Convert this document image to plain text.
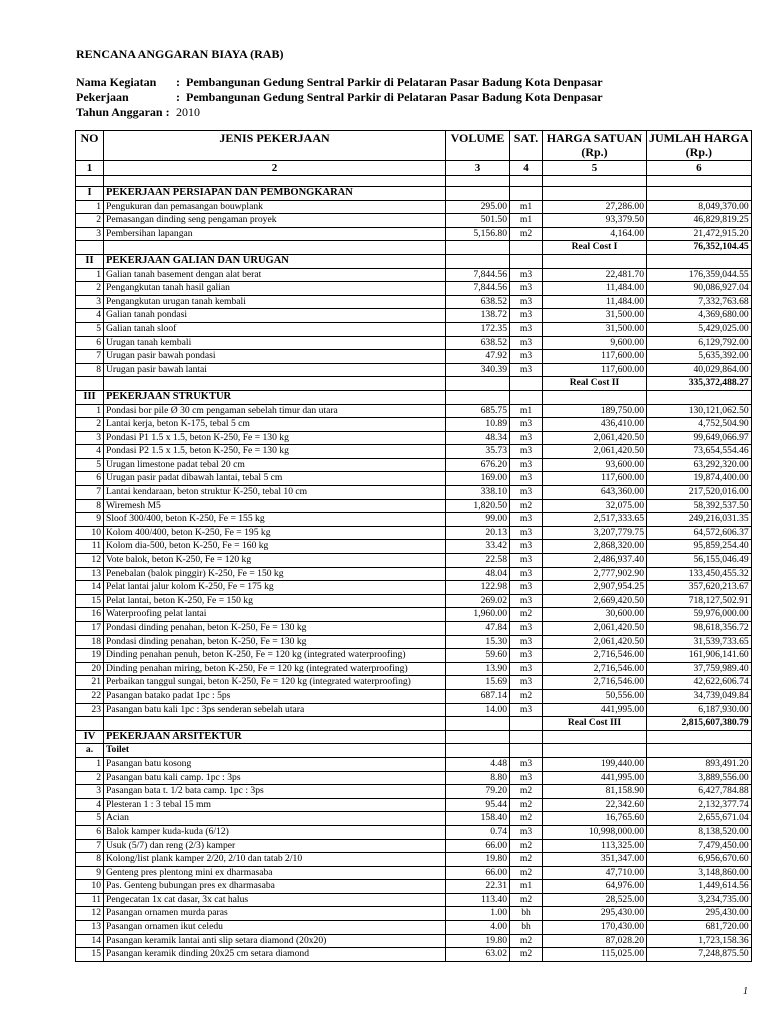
RENCANA ANGGARAN BIAYA (RAB)
Nama Kegiatan : Pembangunan Gedung Sentral Parkir di Pelataran Pasar Badung Kota Denpasar
Pekerjaan	: Pembangunan Gedung Sentral Parkir di Pelataran Pasar Badung Kota Denpasar
Tahun Anggaran : 2010
NO	JENIS PEKERJAAN	VOLUME	SAT.	HARGA SATUAN	JUMLAH HARGA
				(Rp.)	(Rp.)
1	2	3	4	5	6

I	PEKERJAAN PERSIAPAN DAN PEMBONGKARAN				
1	Pengukuran dan pemasangan bouwplank	295.00	m1	27,286.00	8,049,370.00
2	Pemasangan dinding seng pengaman proyek	501.50	m1	93,379.50	46,829,819.25
3	Pembersihan lapangan	5,156.80	m2	4,164.00	21,472,915.20
				Real Cost I	76,352,104.45
II	PEKERJAAN GALIAN DAN URUGAN				
1	Galian tanah basement dengan alat berat	7,844.56	m3	22,481.70	176,359,044.55
2	Pengangkutan tanah hasil galian	7,844.56	m3	11,484.00	90,086,927.04
3	Pengangkutan urugan tanah kembali	638.52	m3	11,484.00	7,332,763.68
4	Galian tanah pondasi	138.72	m3	31,500.00	4,369,680.00
5	Galian tanah sloof	172.35	m3	31,500.00	5,429,025.00
6	Urugan tanah kembali	638.52	m3	9,600.00	6,129,792.00
7	Urugan pasir bawah pondasi	47.92	m3	117,600.00	5,635,392.00
8	Urugan pasir bawah lantai	340.39	m3	117,600.00	40,029,864.00
				Real Cost II	335,372,488.27
III	PEKERJAAN STRUKTUR				
1	Pondasi bor pile Ø 30 cm pengaman sebelah timur dan utara	685.75	m1	189,750.00	130,121,062.50
2	Lantai kerja, beton K-175, tebal 5 cm	10.89	m3	436,410.00	4,752,504.90
3	Pondasi P1 1.5 x 1.5, beton K-250, Fe = 130 kg	48.34	m3	2,061,420.50	99,649,066.97
4	Pondasi P2 1.5 x 1.5, beton K-250, Fe = 130 kg	35.73	m3	2,061,420.50	73,654,554.46
5	Urugan limestone padat tebal 20 cm	676.20	m3	93,600.00	63,292,320.00
6	Urugan pasir padat dibawah lantai, tebal 5 cm	169.00	m3	117,600.00	19,874,400.00
7	Lantai kendaraan, beton struktur K-250, tebal 10 cm	338.10	m3	643,360.00	217,520,016.00
8	Wiremesh M5	1,820.50	m2	32,075.00	58,392,537.50
9	Sloof 300/400, beton K-250, Fe = 155 kg	99.00	m3	2,517,333.65	249,216,031.35
10	Kolom 400/400, beton K-250, Fe = 195 kg	20.13	m3	3,207,779.75	64,572,606.37
11	Kolom dia-500, beton K-250, Fe = 160 kg	33.42	m3	2,868,320.00	95,859,254.40
12	Vote balok, beton K-250, Fe = 120 kg	22.58	m3	2,486,937.40	56,155,046.49
13	Penebalan (balok pinggir) K-250, Fe = 150 kg	48.04	m3	2,777,902.90	133,450,455.32
14	Pelat lantai jalur kolom K-250, Fe = 175 kg	122.98	m3	2,907,954.25	357,620,213.67
15	Pelat lantai, beton K-250, Fe = 150 kg	269.02	m3	2,669,420.50	718,127,502.91
16	Waterproofing pelat lantai	1,960.00	m2	30,600.00	59,976,000.00
17	Pondasi dinding penahan, beton K-250, Fe = 130 kg	47.84	m3	2,061,420.50	98,618,356.72
18	Pondasi dinding penahan, beton K-250, Fe = 130 kg	15.30	m3	2,061,420.50	31,539,733.65
19	Dinding penahan penuh, beton K-250, Fe = 120 kg (integrated waterproofing)	59.60	m3	2,716,546.00	161,906,141.60
20	Dinding penahan miring, beton K-250, Fe = 120 kg (integrated waterproofing)	13.90	m3	2,716,546.00	37,759,989.40
21	Perbaikan tanggul sungai, beton K-250, Fe = 120 kg (integrated waterproofing)	15.69	m3	2,716,546.00	42,622,606.74
22	Pasangan batako padat 1pc : 5ps	687.14	m2	50,556.00	34,739,049.84
23	Pasangan batu kali 1pc : 3ps senderan sebelah utara	14.00	m3	441,995.00	6,187,930.00
				Real Cost III	2,815,607,380.79
IV	PEKERJAAN ARSITEKTUR				
a.	Toilet				
1	Pasangan batu kosong	4.48	m3	199,440.00	893,491.20
2	Pasangan batu kali camp. 1pc : 3ps	8.80	m3	441,995.00	3,889,556.00
3	Pasangan bata t. 1/2 bata camp. 1pc : 3ps	79.20	m2	81,158.90	6,427,784.88
4	Plesteran 1 : 3 tebal 15 mm	95.44	m2	22,342.60	2,132,377.74
5	Acian	158.40	m2	16,765.60	2,655,671.04
6	Balok kamper kuda-kuda (6/12)	0.74	m3	10,998,000.00	8,138,520.00
7	Usuk (5/7) dan reng (2/3) kamper	66.00	m2	113,325.00	7,479,450.00
8	Kolong/list plank kamper 2/20, 2/10 dan tatab 2/10	19.80	m2	351,347.00	6,956,670.60
9	Genteng pres plentong mini ex dharmasaba	66.00	m2	47,710.00	3,148,860.00
10	Pas. Genteng bubungan pres ex dharmasaba	22.31	m1	64,976.00	1,449,614.56
11	Pengecatan 1x cat dasar, 3x cat halus	113.40	m2	28,525.00	3,234,735.00
12	Pasangan ornamen murda paras	1.00	bh	295,430.00	295,430.00
13	Pasangan ornamen ikut celedu	4.00	bh	170,430.00	681,720.00
14	Pasangan keramik lantai anti slip setara diamond (20x20)	19.80	m2	87,028.20	1,723,158.36
15	Pasangan keramik dinding 20x25 cm setara diamond	63.02	m2	115,025.00	7,248,875.50
1
